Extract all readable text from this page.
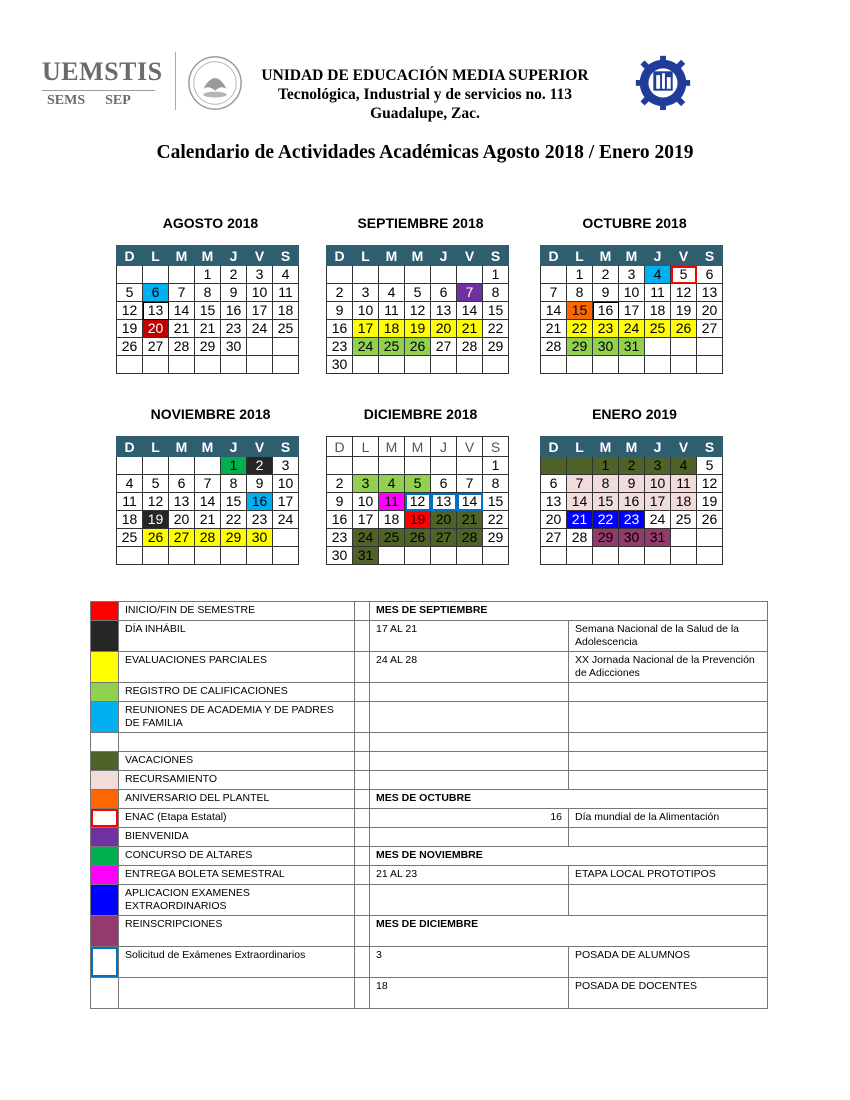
UEMSTIS
SEMS SEP
UNIDAD DE EDUCACIÓN MEDIA SUPERIOR
Tecnológica, Industrial y de servicios no. 113
Guadalupe, Zac.
Calendario de Actividades Académicas Agosto 2018 / Enero 2019
AGOSTO 2018
D	L	M	M	J	V	S
			1	2	3	4
5	6	7	8	9	10	11
12	13	14	15	16	17	18
19	20	21	21	23	24	25
26	27	28	29	30		

SEPTIEMBRE 2018
D	L	M	M	J	V	S
						1
2	3	4	5	6	7	8
9	10	11	12	13	14	15
16	17	18	19	20	21	22
23	24	25	26	27	28	29
30						
OCTUBRE 2018
D	L	M	M	J	V	S
	1	2	3	4	5	6
7	8	9	10	11	12	13
14	15	16	17	18	19	20
21	22	23	24	25	26	27
28	29	30	31			

NOVIEMBRE 2018
D	L	M	M	J	V	S
				1	2	3
4	5	6	7	8	9	10
11	12	13	14	15	16	17
18	19	20	21	22	23	24
25	26	27	28	29	30	

DICIEMBRE 2018
D	L	M	M	J	V	S
						1
2	3	4	5	6	7	8
9	10	11	12	13	14	15
16	17	18	19	20	21	22
23	24	25	26	27	28	29
30	31					
ENERO 2019
D	L	M	M	J	V	S
		1	2	3	4	5
6	7	8	9	10	11	12
13	14	15	16	17	18	19
20	21	22	23	24	25	26
27	28	29	30	31		

	INICIO/FIN DE SEMESTRE		MES DE SEPTIEMBRE	
	DÍA INHÁBIL		17 AL 21	Semana Nacional de la Salud de la Adolescencia
	EVALUACIONES PARCIALES		24 AL 28	XX Jornada Nacional de la Prevención de Adicciones
	REGISTRO DE CALIFICACIONES			
	REUNIONES DE ACADEMIA Y DE PADRES DE FAMILIA			

	VACACIONES			
	RECURSAMIENTO			
	ANIVERSARIO DEL PLANTEL		MES DE OCTUBRE	
	ENAC (Etapa Estatal)		16	Día mundial de la Alimentación
	BIENVENIDA			
	CONCURSO DE ALTARES		MES DE NOVIEMBRE	
	ENTREGA BOLETA SEMESTRAL		21 AL 23	ETAPA LOCAL PROTOTIPOS
	APLICACION EXAMENES EXTRAORDINARIOS			
	REINSCRIPCIONES		MES DE DICIEMBRE	
	Solicitud de Exámenes Extraordinarios		3	POSADA DE ALUMNOS
			18	POSADA DE DOCENTES
